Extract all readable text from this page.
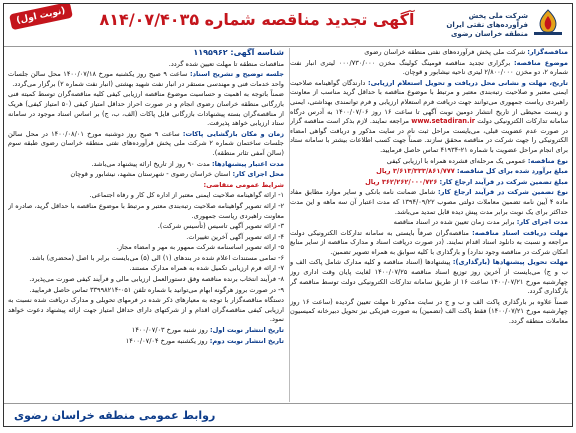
شرکت ملی پخش فرآورده‌های نفتی ایران منطقه خراسان رضوی
آگهی تجدید مناقصه شماره ۸۱۴/۰۷/۴۰۳۵
(نوبت اول)

مناقصه‌گزار: شرکت ملی پخش فرآورده‌های نفتی منطقه خراسان رضوی

موضوع مناقصه: برگزاری تجدید مناقصه فومینگ کولینگ مخزن ۰۰۰/۷۳۰/۰۰۰ لیتری انبار نفت شماره ۲، دو مخزن ۲/۸۰۰/۰۰۰ لیتری ناحیه نیشابور و قوچان.

تاریخ، مهلت و نشانی محل دریافت و تحویل استعلام ارزیابی: دارندگان گواهینامه صلاحیت ایمنی معتبر و صلاحیت رتبه‌بندی معتبر و مرتبط با موضوع مناقصه با حداقل گرید مناسب از معاونت راهبردی ریاست جمهوری می‌توانند جهت دریافت فرم استعلام ارزیابی و فرم توانمندی بهداشتی، ایمنی و زیست محیطی از تاریخ انتشار دومین نوبت آگهی تا ساعت ۱۶ روز ۱۴۰۰/۰۷/۰۶ به آدرس درگاه سامانه تدارکات الکترونیکی دولت www.setadiran.ir مراجعه نمایند. لازم بذکر است مناقصه گزار در صورت عدم عضویت قبلی، می‌بایست مراحل ثبت نام در سایت مذکور و دریافت گواهی امضاء الکترونیکی را جهت شرکت در مناقصه محقق سازند. ضمناً جهت کسب اطلاعات بیشتر با سامانه ستاد برای انجام مراحل عضویت با شماره ۲۱-۴۱۹۳۴ تماس حاصل فرمایید.

نوع مناقصه: عمومی یک مرحله‌ای فشرده همراه با ارزیابی کیفی

مبلغ برآورد شده برای کل مناقصه: ۳/۶۱۳/۳۳۳/۸۶۱/۷۷۷ ریال

مبلغ تضمین شرکت در فرآیند ارجاع کار: ۳۶۲/۲۶۲/۰۰۰/۷۲۶ ریال

نوع تضمین شرکت در فرآیند ارجاع کار: شامل ضمانت نامه بانکی و سایر موارد مطابق مفاد ماده ۴ آیین نامه تضمین معاملات دولتی مصوب ۱۳۹۴/۰۹/۲۲ که مدت اعتبار آن سه ماهه و این مدت حداکثر برای یک نوبت برابر مدت پیش دیده قابل تمدید می‌باشد.

مدت اجرای کار: برابر مدت زمان تعیین شده در اسناد مناقصه

مهلت دریافت اسناد مناقصه: مناقصه‌گران صرفاً بایستی به سامانه تدارکات الکترونیکی دولت مراجعه و نسبت به دانلود اسناد اقدام نمایند. (در صورت دریافت اسناد و مدارک مناقصه از سایر منابع امکان شرکت در مناقصه وجود ندارد) و بارگذاری با کلیه سوابق به همراه تصویر تضمین.

مهلت تحویل پیشنهادها (بارگذاری): پیشنهادها (اسناد مناقصه و کلیه مدارک شامل پاکت الف و ب و ج) می‌بایست از آخرین روز توزیع اسناد مناقصه ۱۴۰۰/۰۷/۲۵ لغایت پایان وقت اداری روز چهارشنبه مورخ ۱۴۰۰/۰۷/۲۱ ساعت ۱۶ از طریق سامانه تدارکات الکترونیکی دولت توسط مناقصه گر بارگذاری گردد.

ضمناً علاوه بر بارگذاری پاکت الف و ب و ج در سایت مذکور تا مهلت تعیین گردیده (ساعت ۱۶ روز چهارشنبه مورخ ۱۴۰۰/۰۷/۲۱) فقط پاکت الف (تضمین) به صورت فیزیکی نیز تحویل دبیرخانه کمیسیون معاملات منطقه گردد.

شناسه آگهی: ۱۱۹۵۹۶۲

مناقصات منطقه تا مهلت تعیین شده گردد.

جلسه توضیح و تشریح اسناد: ساعت ۹ صبح روز یکشنبه مورخ ۱۴۰۰/۰۷/۱۸ محل سالن جلسات واحد خدمات فنی و مهندسی مستقر در انبار نفت شهید بهشتی (انبار نفت شماره ۲) برگزار می‌گردد.

ضمناً باتوجه به اهمیت و حساسیت موضوع مناقصه ارزیابی کیفی کلیه مناقصه‌گران توسط کمیته فنی بازرگانی منطقه خراسان رضوی انجام و در صورت احراز حداقل امتیاز کیفی (۵۰ امتیاز کیفی) هریک از مناقصه‌گران بسته پیشنهادات بازرگانی فایل پاکات (الف، ب، ج) بر اساس اسناد موجود در سامانه ستاد ارزیابی خواهد پذیرفت.

زمان و مکان بازگشایی پاکات: ساعت ۹ صبح روز دوشنبه مورخ ۱۴۰۰/۰۸/۰۱ در محل سالن جلسات ساختمان شماره ۲ شرکت ملی پخش فرآورده‌های نفتی منطقه خراسان رضوی طبقه سوم (سالن آمفی تئاتر منطقه).

مدت اعتبار پیشنهادها: مدت ۹۰ روز از تاریخ ارائه پیشنهاد می‌باشد.

محل اجرای کار: استان خراسان رضوی - شهرستان مشهد، نیشابور و قوچان

شرایط عمومی متقاضی:

۱- ارائه گواهینامه صلاحیت ایمنی معتبر از اداره کل کار و رفاه اجتماعی.

۲- ارائه تصویر گواهینامه صلاحیت رتبه‌بندی معتبر و مرتبط با موضوع مناقصه با حداقل گرید، صادره از معاونت راهبردی ریاست جمهوری.

۳- ارائه تصویر آگهی تاسیس (تأسیس شرکت).

۴- ارائه تصویر آگهی آخرین تغییرات.

۵- ارائه تصویر اساسنامه شرکت ممهور به مهر و امضاء مجاز.

۶- تمامی مستندات اعلام شده در بندهای (۱) الی (۵) می‌بایست برابر با اصل (محضری) باشد.

۷- ارائه فرم ارزیابی تکمیل شده به همراه مدارک مستند.

۸- فرآیند انتخاب برنده مناقصه وفق دستورالعمل ارزیابی مالی و فرآیند کیفی صورت می‌پذیرد.

۹- در صورت بروز هرگونه ابهام می‌توانید با شماره تلفن ۰۵۱-۳۳۹۹۸۲۱۴ تماس حاصل فرمایید.

دستگاه مناقصه‌گزار با توجه به معیارهای ذکر شده در فرمهای تحویلی و مدارک دریافت شده نسبت به ارزیابی کیفی مناقصه‌گران اقدام و از شرکتهای دارای حداقل امتیاز جهت ارائه پیشنهاد دعوت خواهد نمود.

تاریخ انتشار نوبت اول: روز شنبه مورخ ۱۴۰۰/۰۷/۰۳

تاریخ انتشار نوبت دوم: روز یکشنبه مورخ ۱۴۰۰/۰۷/۰۴

روابط عمومی منطقه خراسان رضوی
